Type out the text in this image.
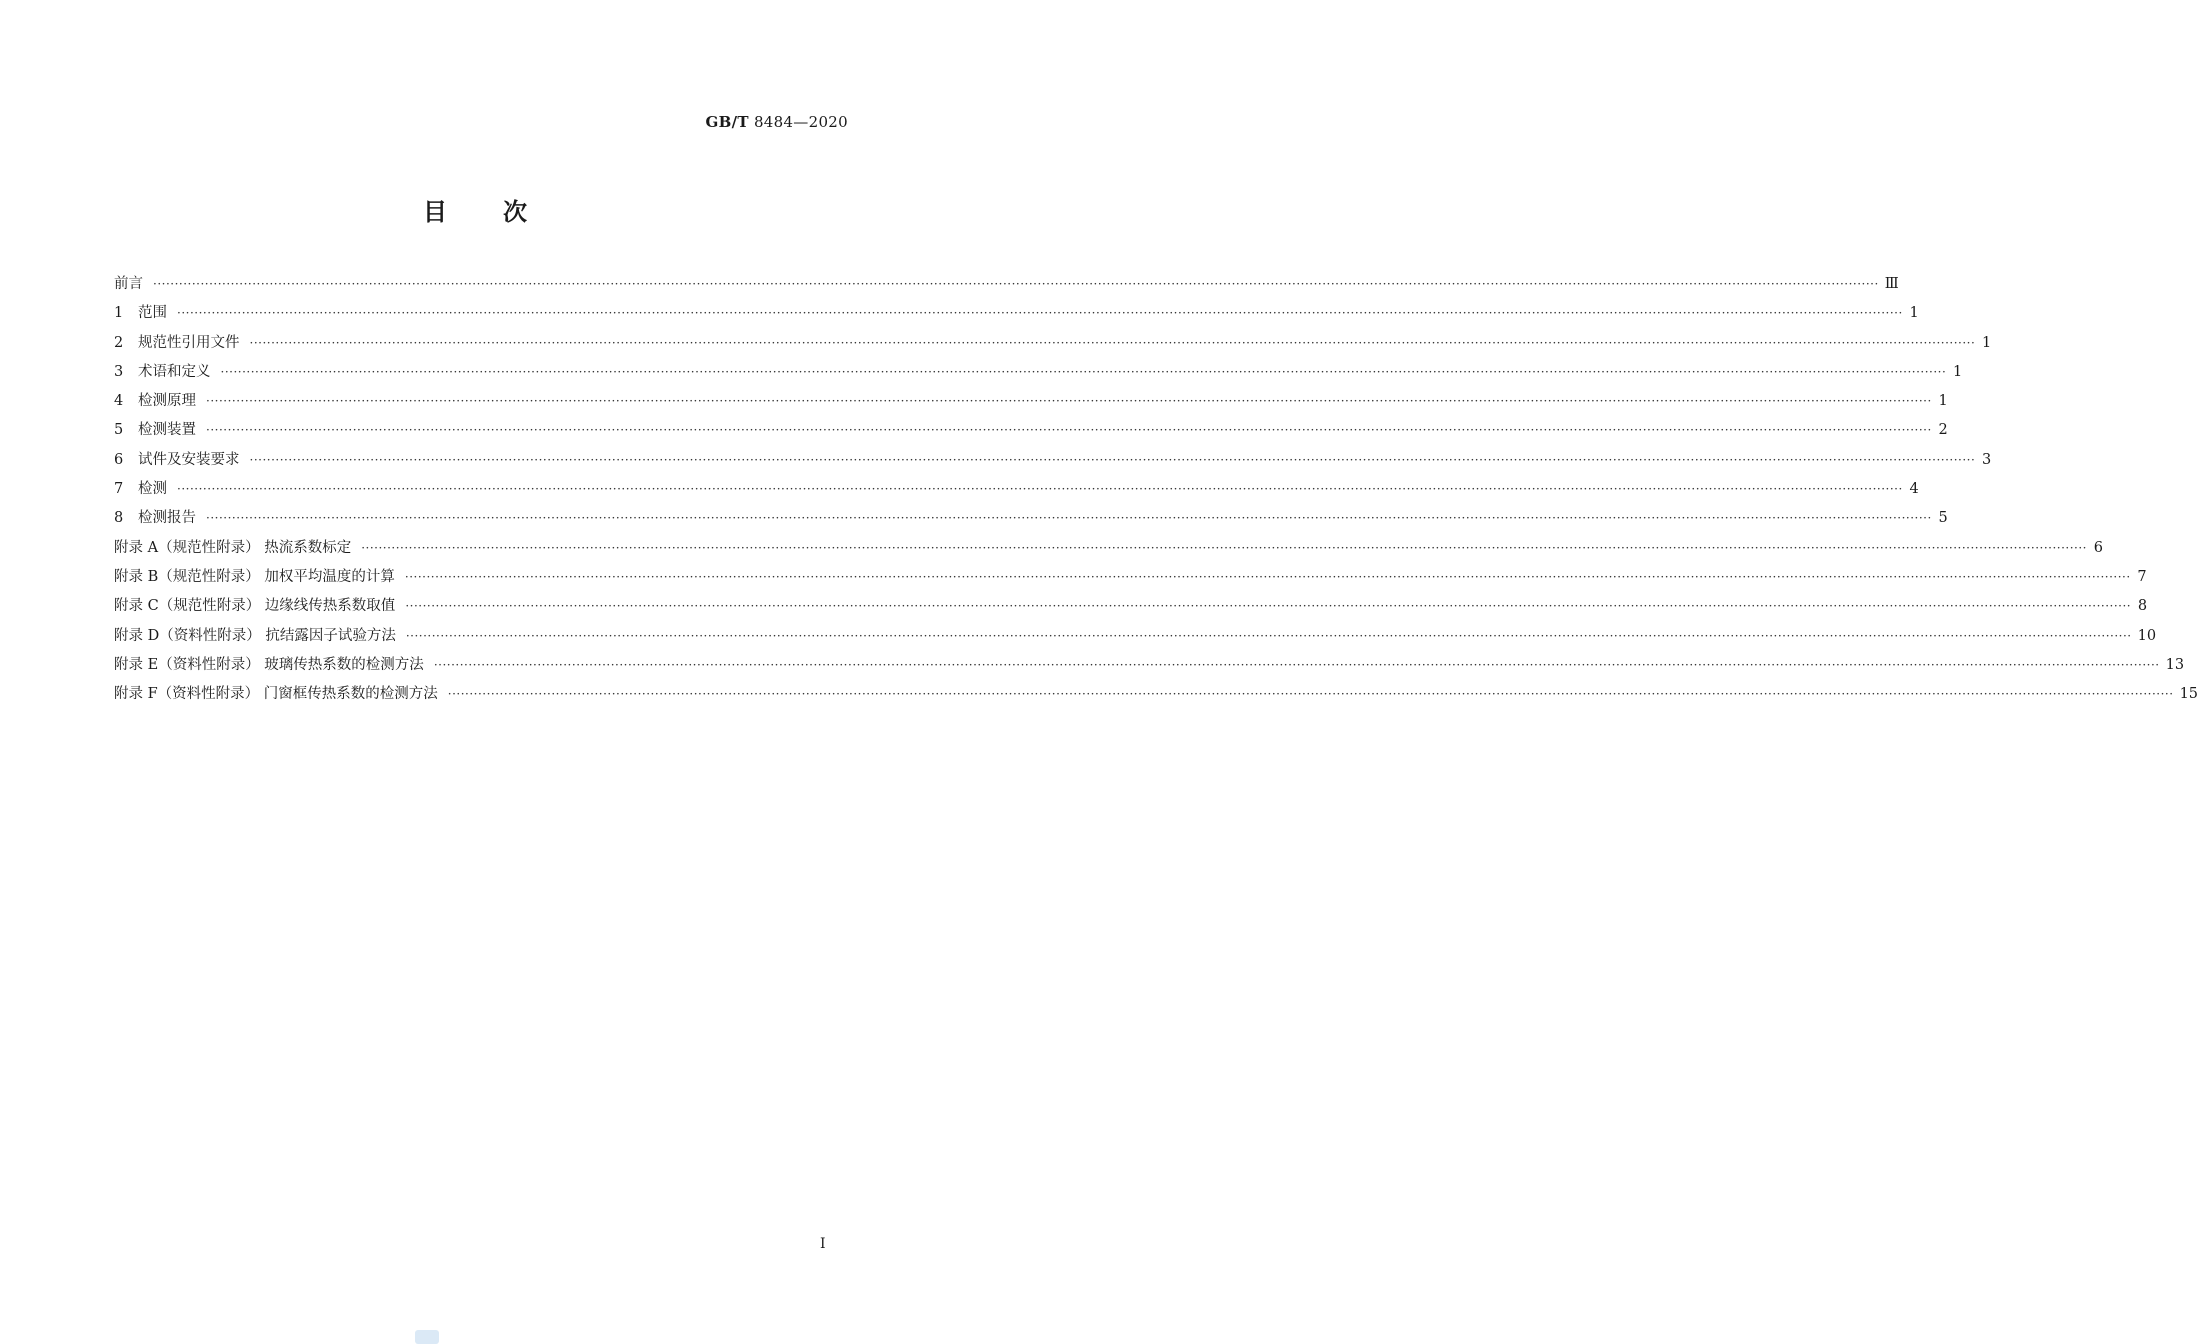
GB/T 8484—2020
目 次
前言 ················································································································································································································································································································································································································ Ⅲ
1	范围 ················································································································································································································································································································································································································ 1
2	规范性引用文件 ················································································································································································································································································································································································································ 1
3	术语和定义 ················································································································································································································································································································································································································ 1
4	检测原理 ················································································································································································································································································································································································································ 1
5	检测装置 ················································································································································································································································································································································································································ 2
6	试件及安装要求 ················································································································································································································································································································································································································ 3
7	检测 ················································································································································································································································································································································································································ 4
8	检测报告 ················································································································································································································································································································································································································ 5
附录 A（规范性附录） 热流系数标定 ················································································································································································································································································································································································································ 6
附录 B（规范性附录） 加权平均温度的计算 ················································································································································································································································································································································································································ 7
附录 C（规范性附录） 边缘线传热系数取值 ················································································································································································································································································································································································································ 8
附录 D（资料性附录） 抗结露因子试验方法 ················································································································································································································································································································································································································ 10
附录 E（资料性附录） 玻璃传热系数的检测方法 ················································································································································································································································································································································································································ 13
附录 F（资料性附录） 门窗框传热系数的检测方法 ················································································································································································································································································································································································································ 15
I
